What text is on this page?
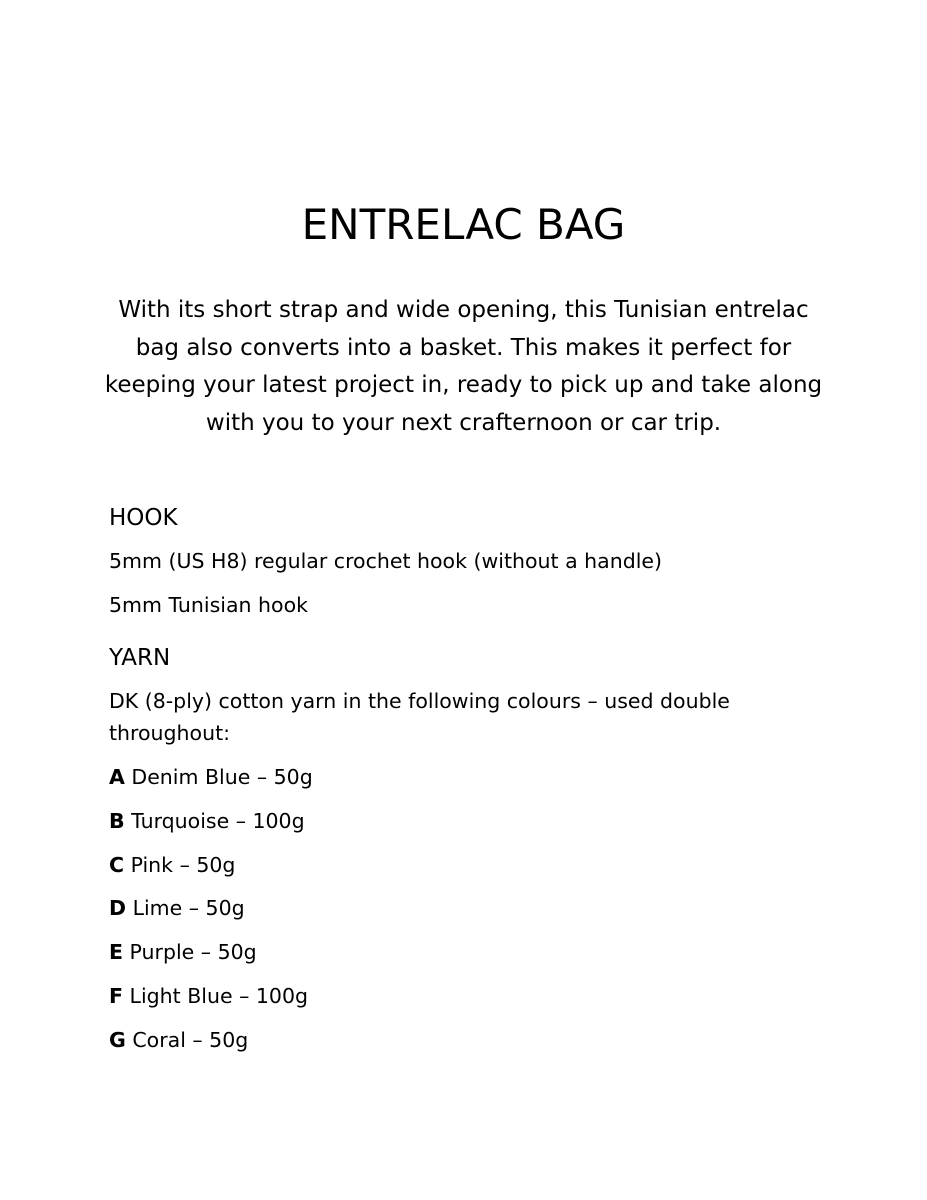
ENTRELAC BAG

With its short strap and wide opening, this Tunisian entrelac bag also converts into a basket. This makes it perfect for keeping your latest project in, ready to pick up and take along with you to your next crafternoon or car trip.

HOOK

5mm (US H8) regular crochet hook (without a handle)

5mm Tunisian hook

YARN

DK (8-ply) cotton yarn in the following colours – used double throughout:

A Denim Blue – 50g

B Turquoise – 100g

C Pink – 50g

D Lime – 50g

E Purple – 50g

F Light Blue – 100g

G Coral – 50g
